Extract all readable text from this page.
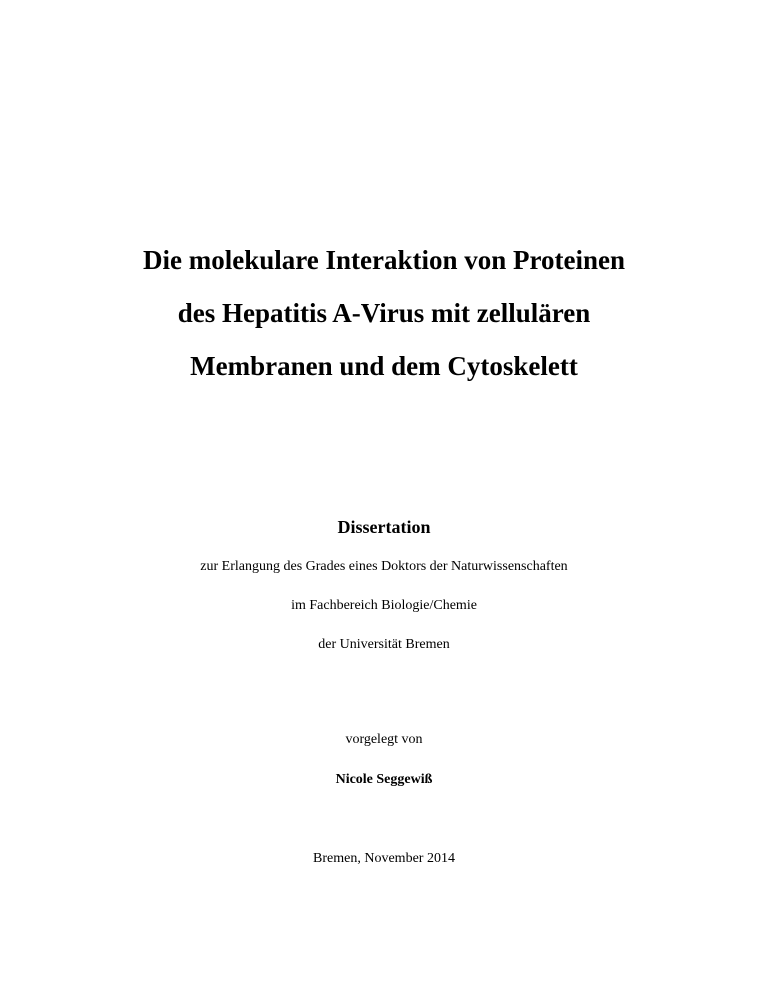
Die molekulare Interaktion von Proteinen
des Hepatitis A-Virus mit zellulären
Membranen und dem Cytoskelett
Dissertation
zur Erlangung des Grades eines Doktors der Naturwissenschaften
im Fachbereich Biologie/Chemie
der Universität Bremen
vorgelegt von
Nicole Seggewiß
Bremen, November 2014
